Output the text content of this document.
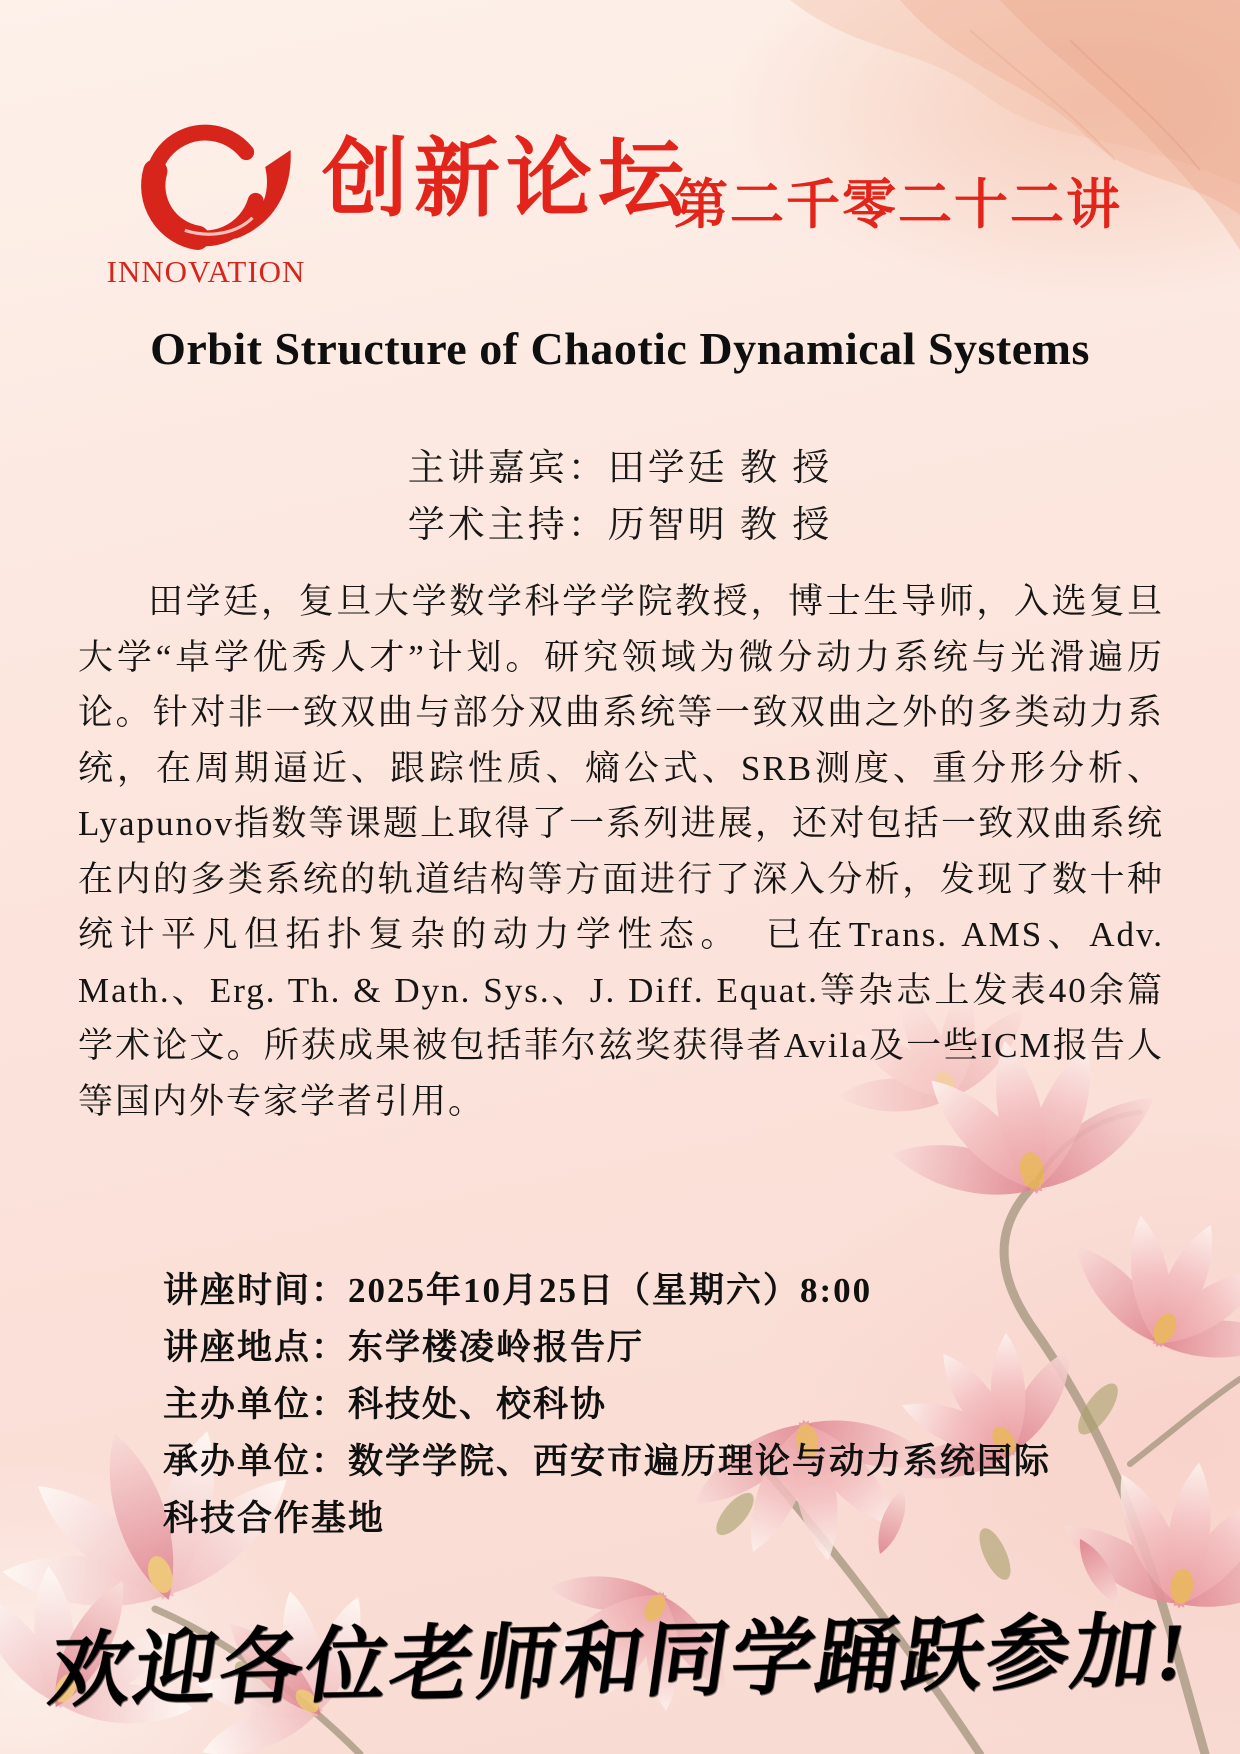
INNOVATION
创新论坛
第二千零二十二讲
Orbit Structure of Chaotic Dynamical Systems
主讲嘉宾：田学廷 教 授
学术主持：历智明 教 授
田学廷，复旦大学数学科学学院教授，博士生导师，入选复旦大学“卓学优秀人才”计划。研究领域为微分动力系统与光滑遍历论。针对非一致双曲与部分双曲系统等一致双曲之外的多类动力系统，在周期逼近、跟踪性质、熵公式、SRB测度、重分形分析、Lyapunov指数等课题上取得了一系列进展，还对包括一致双曲系统在内的多类系统的轨道结构等方面进行了深入分析，发现了数十种统计平凡但拓扑复杂的动力学性态。　已在Trans. AMS、Adv. Math.、Erg. Th. & Dyn. Sys.、J. Diff. Equat.等杂志上发表40余篇学术论文。所获成果被包括菲尔兹奖获得者Avila及一些ICM报告人等国内外专家学者引用。
讲座时间：2025年10月25日（星期六）8:00
讲座地点：东学楼凌岭报告厅
主办单位：科技处、校科协
承办单位：数学学院、西安市遍历理论与动力系统国际
科技合作基地
欢迎各位老师和同学踊跃参加!
